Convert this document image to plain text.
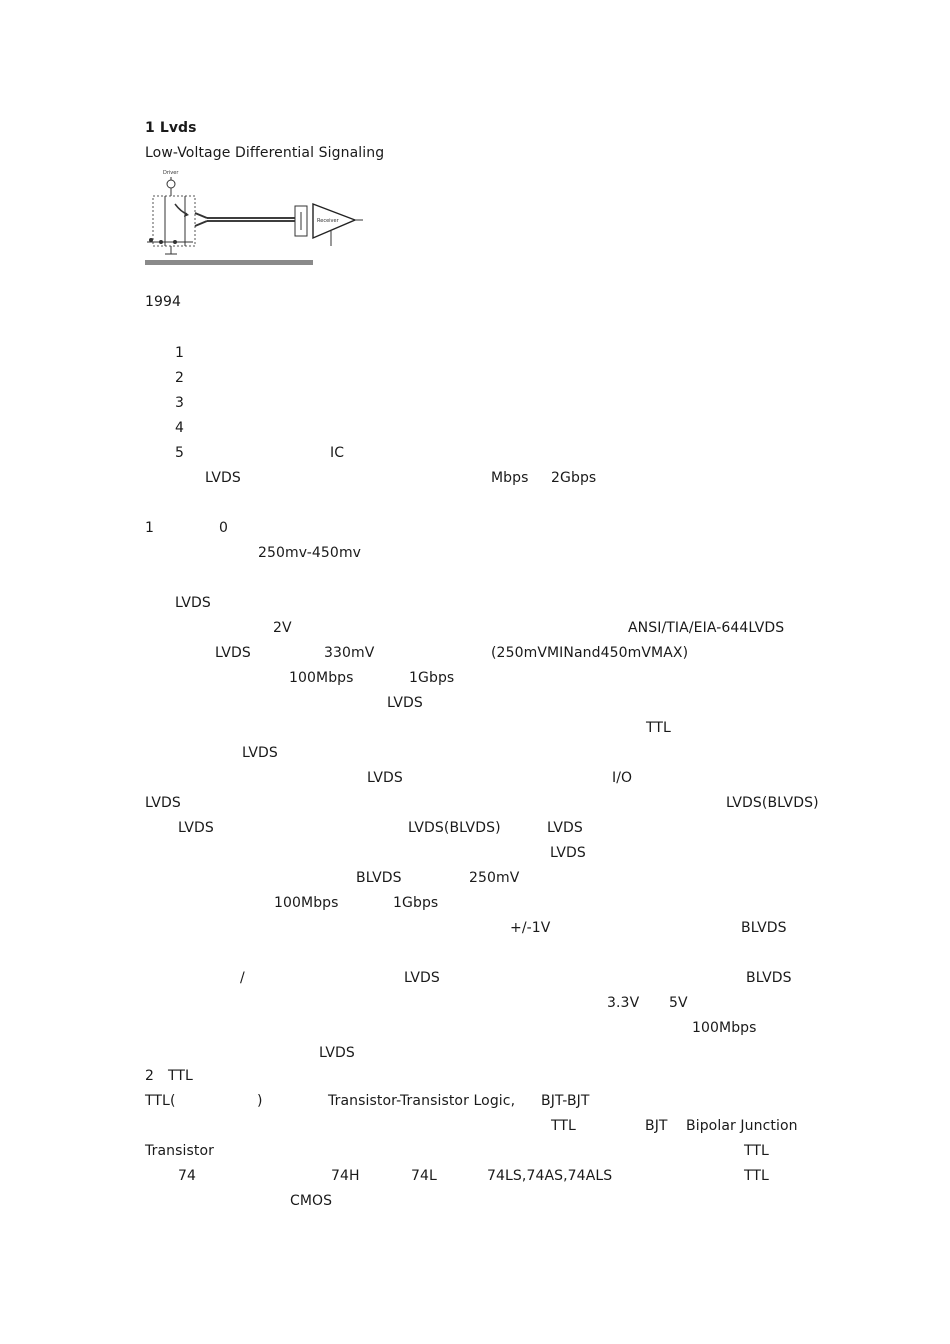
1 Lvds
Low-Voltage Differential Signaling
Driver
Receiver
1994
1
2
3
4
5	IC
LVDS	Mbps 2Gbps
1	0
250mv-450mv
LVDS
2V	ANSI/TIA/EIA-644LVDS
LVDS	330mV	(250mVMINand450mVMAX)
100Mbps	1Gbps
LVDS
TTL
LVDS
LVDS	I/O
LVDS	LVDS(BLVDS)
LVDS	LVDS(BLVDS)	LVDS
LVDS
BLVDS	250mV
100Mbps	1Gbps
+/-1V	BLVDS
/	LVDS	BLVDS
3.3V 5V
100Mbps
LVDS
2 TTL
TTL(	)	Transistor-Transistor Logic, BJT-BJT
TTL	BJT Bipolar Junction
Transistor	TTL
74	74H	74L	74LS,74AS,74ALS	TTL
CMOS
